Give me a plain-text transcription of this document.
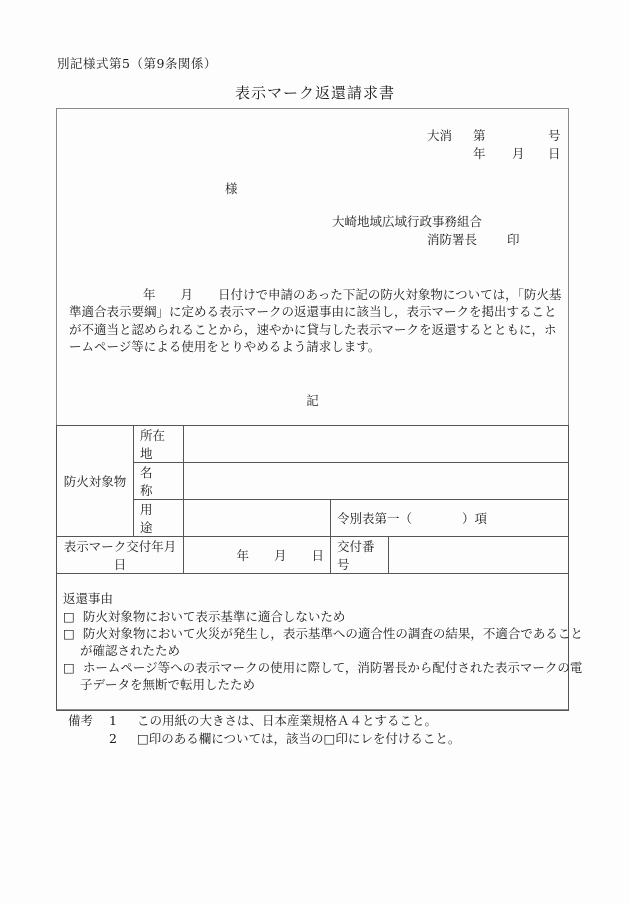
別記様式第5（第9条関係）
表示マーク返還請求書
大消 第	号
年 月 日
様
大崎地域広域行政事務組合
消防署長 印
年　　月　　日付けで申請のあった下記の防火対象物については，「防火基
準適合表示要綱」に定める表示マークの返還事由に該当し，表示マークを掲出すること
が不適当と認められることから，速やかに貸与した表示マークを返還するとともに，ホ
ームページ等による使用をとりやめるよう請求します。
記
防火対象物	所在地			
	名　称			
	用　途		令別表第一（　　　　）項	
表示マーク交付年月日		年　　月　　日	交付番号	

返還事由
□ 防火対象物において表示基準に適合しないため
□ 防火対象物において火災が発生し，表示基準への適合性の調査の結果，不適合であること
が確認されたため
□ ホームページ等への表示マークの使用に際して，消防署長から配付された表示マークの電
子データを無断で転用したため
備考	1	この用紙の大きさは、日本産業規格Ａ４とすること。
2	□印のある欄については，該当の□印にレを付けること。
